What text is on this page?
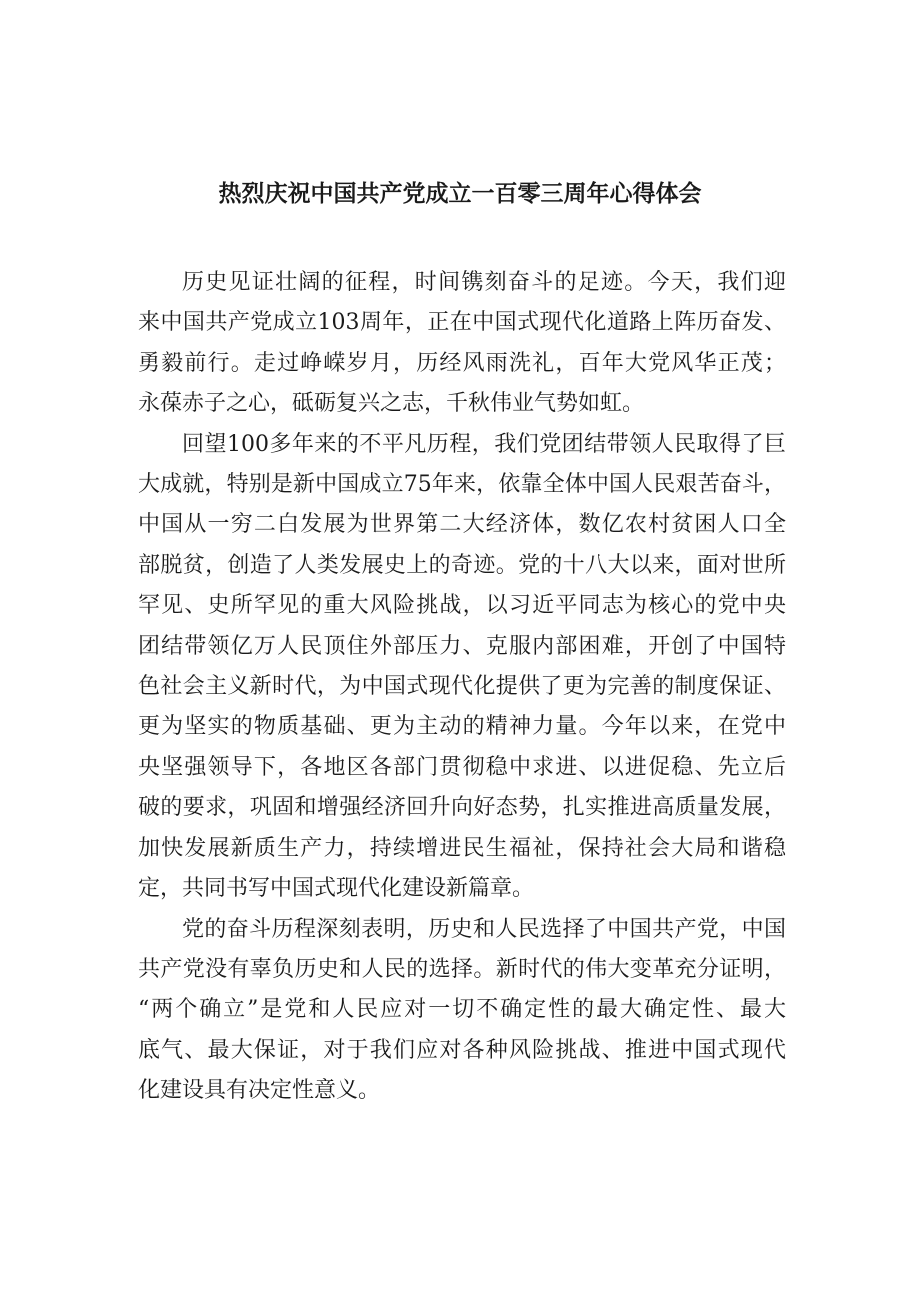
热烈庆祝中国共产党成立一百零三周年心得体会

历史见证壮阔的征程，时间镌刻奋斗的足迹。今天，我们迎
来中国共产党成立103周年，正在中国式现代化道路上阵历奋发、
勇毅前行。走过峥嵘岁月，历经风雨洗礼，百年大党风华正茂；
永葆赤子之心，砥砺复兴之志，千秋伟业气势如虹。

回望100多年来的不平凡历程，我们党团结带领人民取得了巨
大成就，特别是新中国成立75年来，依靠全体中国人民艰苦奋斗，
中国从一穷二白发展为世界第二大经济体，数亿农村贫困人口全
部脱贫，创造了人类发展史上的奇迹。党的十八大以来，面对世所
罕见、史所罕见的重大风险挑战，以习近平同志为核心的党中央
团结带领亿万人民顶住外部压力、克服内部困难，开创了中国特
色社会主义新时代，为中国式现代化提供了更为完善的制度保证、
更为坚实的物质基础、更为主动的精神力量。今年以来，在党中
央坚强领导下，各地区各部门贯彻稳中求进、以进促稳、先立后
破的要求，巩固和增强经济回升向好态势，扎实推进高质量发展，
加快发展新质生产力，持续增进民生福祉，保持社会大局和谐稳
定，共同书写中国式现代化建设新篇章。

党的奋斗历程深刻表明，历史和人民选择了中国共产党，中国
共产党没有辜负历史和人民的选择。新时代的伟大变革充分证明，
“两个确立”是党和人民应对一切不确定性的最大确定性、最大
底气、最大保证，对于我们应对各种风险挑战、推进中国式现代
化建设具有决定性意义。
